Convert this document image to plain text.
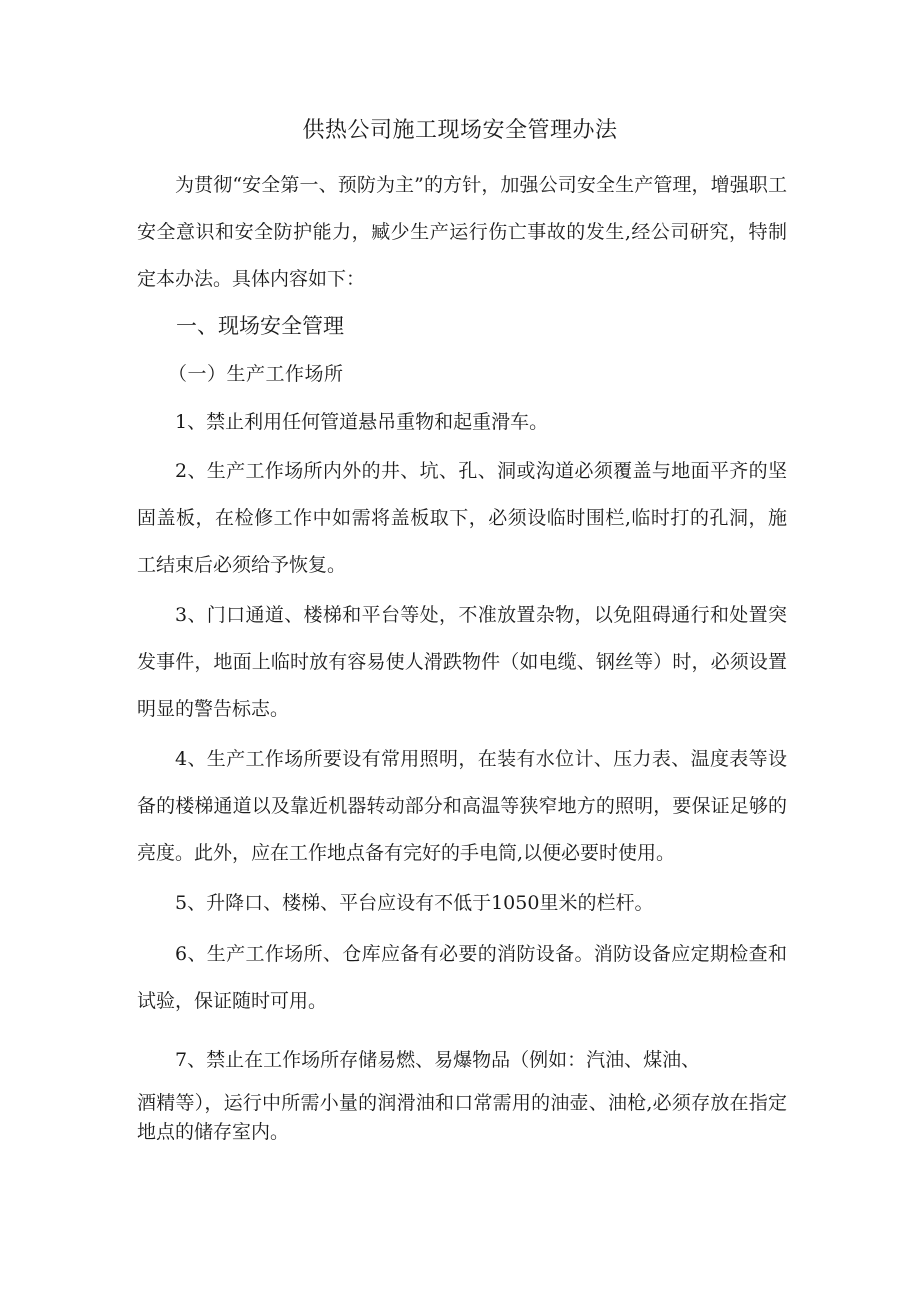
供热公司施工现场安全管理办法
为贯彻“安全第一、预防为主”的方针，加强公司安全生产管理，增强职工安全意识和安全防护能力，臧少生产运行伤亡事故的发生,经公司研究，特制定本办法。具体内容如下：
一、现场安全管理
（一）生产工作场所
1、禁止利用任何管道悬吊重物和起重滑车。
2、生产工作场所内外的井、坑、孔、洞或沟道必须覆盖与地面平齐的坚固盖板，在检修工作中如需将盖板取下，必须设临时围栏,临时打的孔洞，施工结束后必须给予恢复。
3、门口通道、楼梯和平台等处，不准放置杂物，以免阻碍通行和处置突发事件，地面上临时放有容易使人滑跌物件（如电缆、钢丝等）时，必须设置明显的警告标志。
4、生产工作场所要设有常用照明，在装有水位计、压力表、温度表等设备的楼梯通道以及靠近机器转动部分和高温等狭窄地方的照明，要保证足够的亮度。此外，应在工作地点备有完好的手电筒,以便必要时使用。
5、升降口、楼梯、平台应设有不低于1050里米的栏杆。
6、生产工作场所、仓库应备有必要的消防设备。消防设备应定期检查和试验，保证随时可用。
7、禁止在工作场所存储易燃、易爆物品（例如：汽油、煤油、
酒精等），运行中所需小量的润滑油和口常需用的油壶、油枪,必须存放在指定地点的储存室内。
